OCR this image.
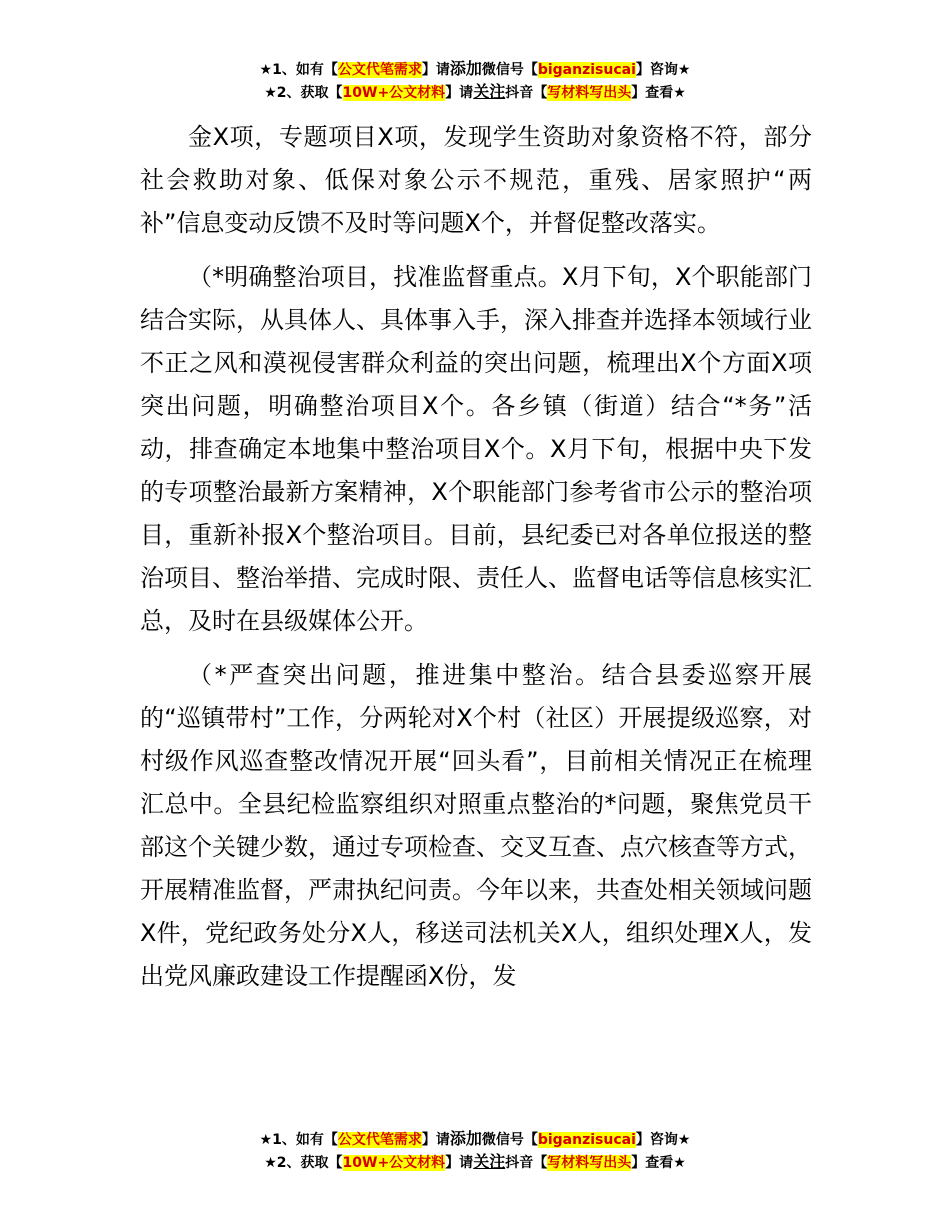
★1、如有【公文代笔需求】请添加微信号【biganzisucai】咨询★
★2、获取【10W+公文材料】请关注抖音【写材料写出头】查看★

金X项，专题项目X项，发现学生资助对象资格不符，部分社会救助对象、低保对象公示不规范，重残、居家照护“两补”信息变动反馈不及时等问题X个，并督促整改落实。

（*明确整治项目，找准监督重点。X月下旬，X个职能部门结合实际，从具体人、具体事入手，深入排查并选择本领域行业不正之风和漠视侵害群众利益的突出问题，梳理出X个方面X项突出问题，明确整治项目X个。各乡镇（街道）结合“*务”活动，排查确定本地集中整治项目X个。X月下旬，根据中央下发的专项整治最新方案精神，X个职能部门参考省市公示的整治项目，重新补报X个整治项目。目前，县纪委已对各单位报送的整治项目、整治举措、完成时限、责任人、监督电话等信息核实汇总，及时在县级媒体公开。

（*严查突出问题，推进集中整治。结合县委巡察开展的“巡镇带村”工作，分两轮对X个村（社区）开展提级巡察，对村级作风巡查整改情况开展“回头看”，目前相关情况正在梳理汇总中。全县纪检监察组织对照重点整治的*问题，聚焦党员干部这个关键少数，通过专项检查、交叉互查、点穴核查等方式，开展精准监督，严肃执纪问责。今年以来，共查处相关领域问题X件，党纪政务处分X人，移送司法机关X人，组织处理X人，发出党风廉政建设工作提醒函X份，发

★1、如有【公文代笔需求】请添加微信号【biganzisucai】咨询★
★2、获取【10W+公文材料】请关注抖音【写材料写出头】查看★
